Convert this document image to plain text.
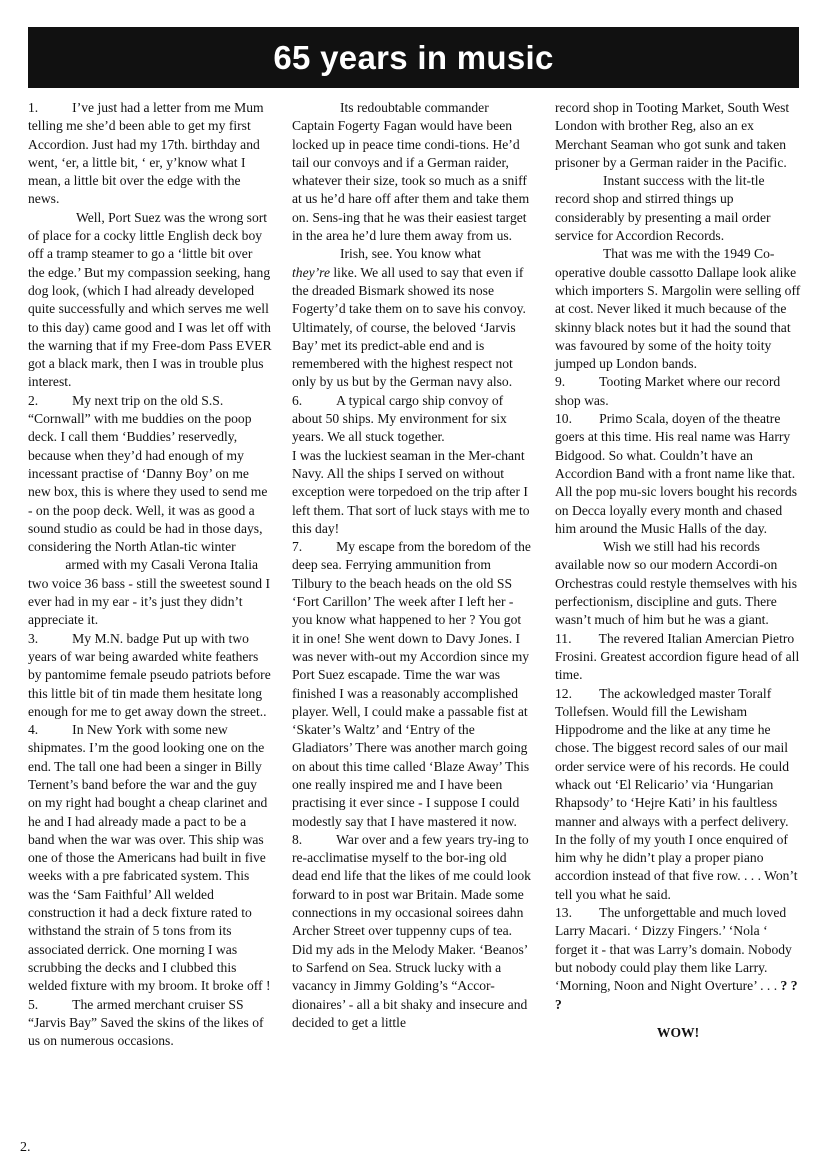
65 years in music

1.          I’ve just had a letter from me Mum telling me she’d been able to get my first Accordion. Just had my 17th. birthday and went, ‘er, a little bit, ‘ er, y’know what I mean, a little bit over the edge with the news.

Well, Port Suez was the wrong sort of place for a cocky little English deck boy off a tramp steamer to go a ‘little bit over the edge.’ But my compassion seeking, hang dog look, (which I had already developed quite successfully and which serves me well to this day) came good and I was let off with the warning that if my Free-dom Pass EVER got a black mark, then I was in trouble plus interest.

2.          My next trip on the old S.S. “Cornwall” with me buddies on the poop deck. I call them ‘Buddies’ reservedly, because when they’d had enough of my incessant practise of ‘Danny Boy’ on me new box, this is where they used to send me - on the poop deck. Well, it was as good a sound studio as could be had in those days, considering the North Atlan-tic winter            armed with my Casali Verona Italia two voice 36 bass - still the sweetest sound I ever had in my ear - it’s just they didn’t appreciate it.

3.          My M.N. badge Put up with two years of war being awarded white feathers by pantomime female pseudo patriots before this little bit of tin made them hesitate long enough for me to get away down the street..

4.          In New York with some new shipmates. I’m the good looking one on the end. The tall one had been a singer in Billy Ternent’s band before the war and the guy on my right had bought a cheap clarinet and he and I had already made a pact to be a band when the war was over. This ship was one of those the Americans had built in five weeks with a pre fabricated system. This was the ‘Sam Faithful’ All welded construction it had a deck fixture rated to withstand the strain of 5 tons from its associated derrick. One morning I was scrubbing the decks and I clubbed this welded fixture with my broom. It broke off !

5.          The armed merchant cruiser SS “Jarvis Bay” Saved the skins of the likes of us on numerous occasions.

Its redoubtable commander Captain Fogerty Fagan would have been locked up in peace time condi-tions. He’d tail our convoys and if a German raider, whatever their size, took so much as a sniff at us he’d hare off after them and take them on. Sens-ing that he was their easiest target in the area he’d lure them away from us.

Irish, see. You know what

they’re like. We all used to say that even if the dreaded Bismark showed its nose Fogerty’d take them on to save his convoy. Ultimately, of course, the beloved ‘Jarvis Bay’ met its predict-able end and is remembered with the highest respect not only by us but by the German navy also.

6.          A typical cargo ship convoy of about 50 ships. My environment for six years. We all stuck together.

I was the luckiest seaman in the Mer-chant Navy. All the ships I served on without exception were torpedoed on the trip after I left them. That sort of luck stays with me to this day!

7.          My escape from the boredom of the deep sea. Ferrying ammunition from Tilbury to the beach heads on the old SS ‘Fort Carillon’ The week after I left her - you know what happened to her ? You got it in one! She went down to Davy Jones. I was never with-out my Accordion since my Port Suez escapade. Time the war was finished I was a reasonably accomplished player. Well, I could make a passable fist at ‘Skater’s Waltz’ and ‘Entry of the Gladiators’ There was another march going on about this time called ‘Blaze Away’ This one really inspired me and I have been practising it ever since - I suppose I could modestly say that I have mastered it now.

8.          War over and a few years try-ing to re-acclimatise myself to the bor-ing old dead end life that the likes of me could look forward to in post war Britain. Made some connections in my occasional soirees dahn Archer Street over tuppenny cups of tea. Did my ads in the Melody Maker. ‘Beanos’ to Sarfend on Sea. Struck lucky with a vacancy in Jimmy Golding’s “Accor-dionaires’ - all a bit shaky and insecure and decided to get a little

record shop in Tooting Market, South West London with brother Reg, also an ex Merchant Seaman who got sunk and taken prisoner by a German raider in the Pacific.

Instant success with the lit-tle record shop and stirred things up considerably by presenting a mail order service for Accordion Records.

That was me with the 1949 Co-operative double cassotto Dallape look alike which importers S. Margolin were selling off at cost. Never liked it much because of the skinny black notes but it had the sound that was favoured by some of the hoity toity jumped up London bands.

9.          Tooting Market where our record shop was.

10.        Primo Scala, doyen of the theatre goers at this time. His real name was Harry Bidgood. So what. Couldn’t have an Accordion Band with a front name like that. All the pop mu-sic lovers bought his records on Decca loyally every month and chased him around the Music Halls of the day.

Wish we still had his records available now so our modern Accordi-on Orchestras could restyle themselves with his perfectionism, discipline and guts. There wasn’t much of him but he was a giant.

11.        The revered Italian Amercian Pietro Frosini. Greatest accordion figure head of all time.

12.        The ackowledged master Toralf Tollefsen. Would fill the Lewisham Hippodrome and the like at any time he chose. The biggest record sales of our mail order service were of his records. He could whack out ‘El Relicario’ via ‘Hungarian Rhapsody’ to ‘Hejre Kati’ in his faultless manner and always with a perfect delivery. In the folly of my youth I once enquired of him why he didn’t play a proper piano accordion instead of that five row. . . . Won’t tell you what he said.

13.        The unforgettable and much loved Larry Macari. ‘ Dizzy Fingers.’ ‘Nola ‘ forget it - that was Larry’s domain. Nobody but nobody could play them like Larry. ‘Morning, Noon and Night Overture’ . . . ? ? ?

WOW!

2.
